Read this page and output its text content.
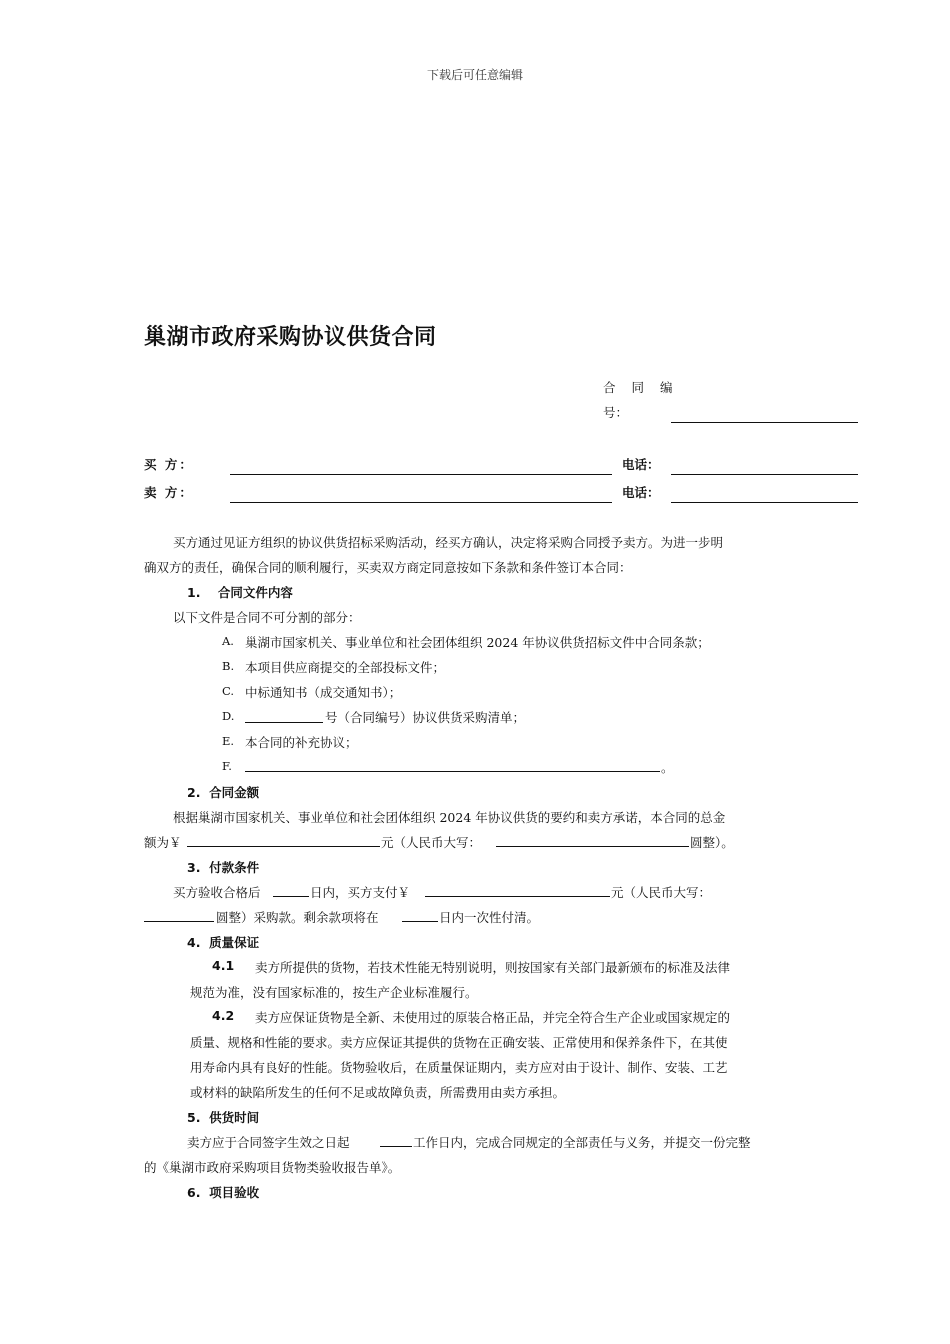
下载后可任意编辑
巢湖市政府采购协议供货合同
合 同 编
号：
买 方：	电话：
卖 方：	电话：
买方通过见证方组织的协议供货招标采购活动，经买方确认，决定将采购合同授予卖方。为进一步明
确双方的责任，确保合同的顺利履行，买卖双方商定同意按如下条款和条件签订本合同：
1.    合同文件内容
以下文件是合同不可分割的部分：
A. 巢湖市国家机关、事业单位和社会团体组织 2024 年协议供货招标文件中合同条款；
B. 本项目供应商提交的全部投标文件；
C. 中标通知书（成交通知书）；
D.	号（合同编号）协议供货采购清单；
E. 本合同的补充协议；
F.	。
2.  合同金额
根据巢湖市国家机关、事业单位和社会团体组织 2024 年协议供货的要约和卖方承诺，本合同的总金
额为￥	元（人民币大写：	圆整）。
3.  付款条件
买方验收合格后	日内，买方支付￥	元（人民币大写：
圆整）采购款。剩余款项将在	日内一次性付清。
4.  质量保证
4.1 卖方所提供的货物，若技术性能无特别说明，则按国家有关部门最新颁布的标准及法律
规范为准，没有国家标准的，按生产企业标准履行。
4.2 卖方应保证货物是全新、未使用过的原装合格正品，并完全符合生产企业或国家规定的
质量、规格和性能的要求。卖方应保证其提供的货物在正确安装、正常使用和保养条件下，在其使
用寿命内具有良好的性能。货物验收后，在质量保证期内，卖方应对由于设计、制作、安装、工艺
或材料的缺陷所发生的任何不足或故障负责，所需费用由卖方承担。
5.  供货时间
卖方应于合同签字生效之日起	工作日内，完成合同规定的全部责任与义务，并提交一份完整
的《巢湖市政府采购项目货物类验收报告单》。
6.  项目验收
